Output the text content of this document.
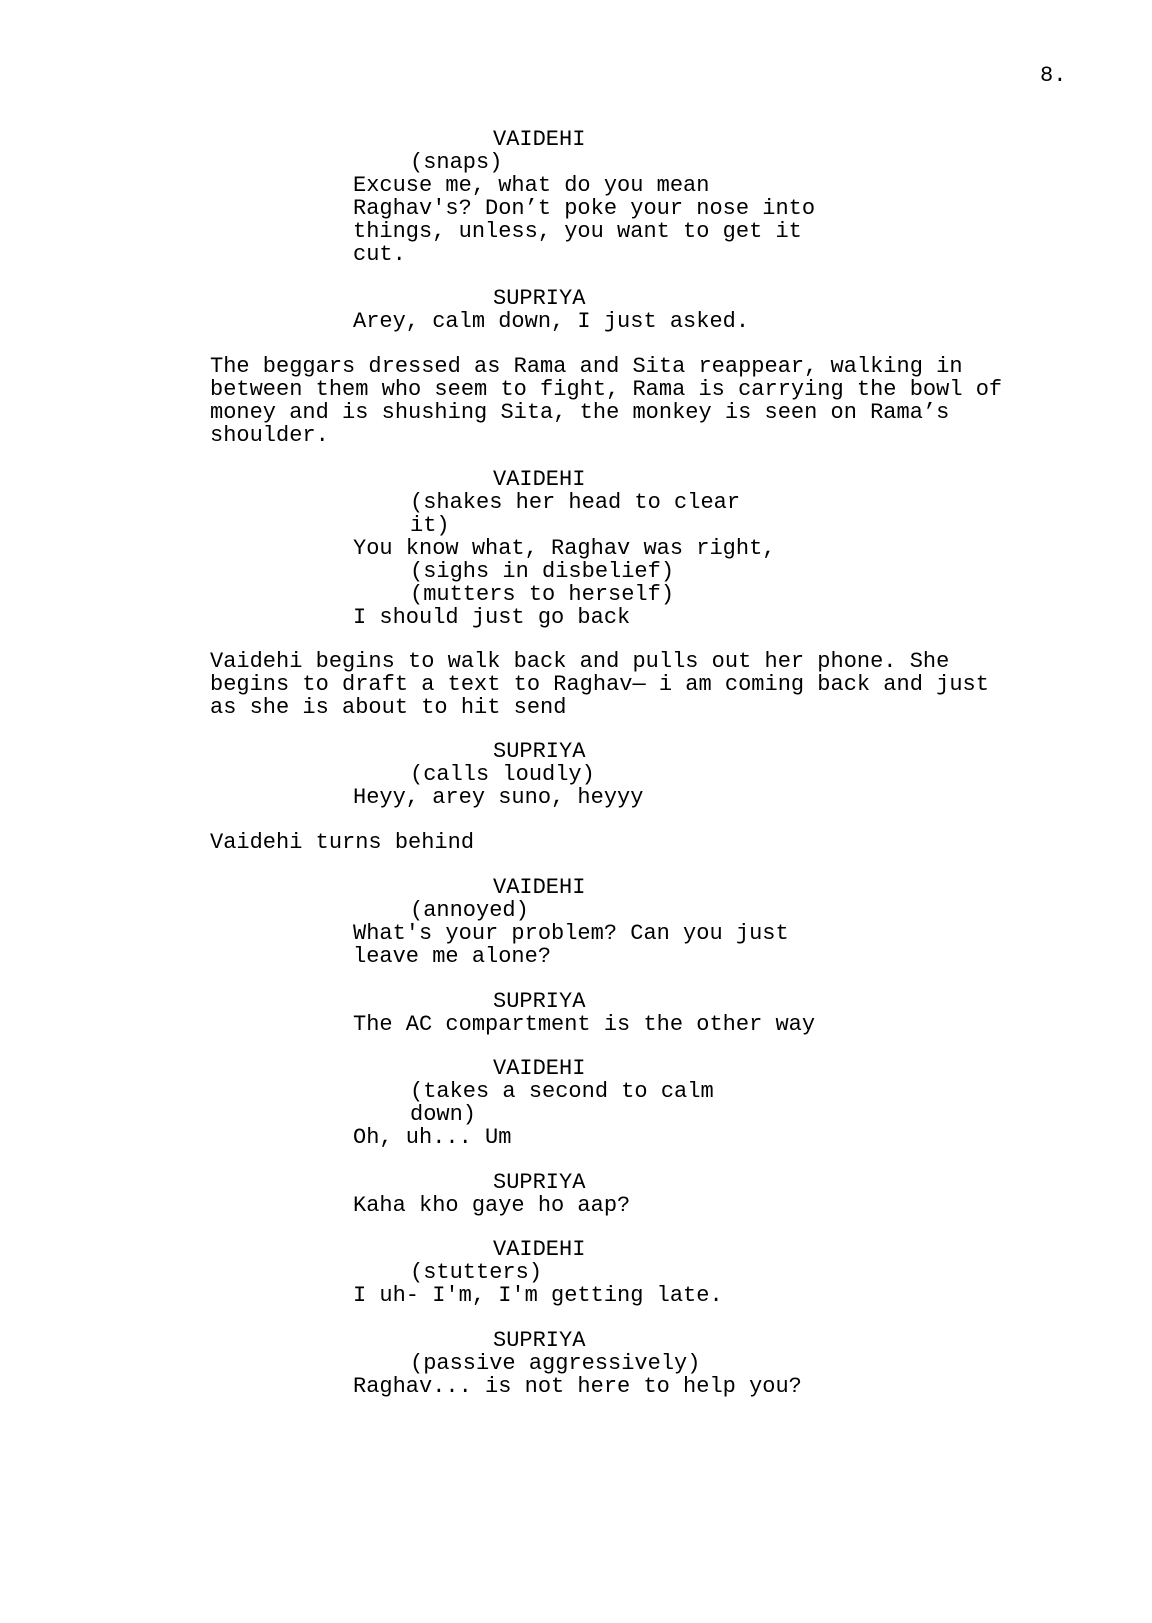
8.
VAIDEHI
(snaps)
Excuse me, what do you mean
Raghav's? Don’t poke your nose into
things, unless, you want to get it
cut.
SUPRIYA
Arey, calm down, I just asked.
The beggars dressed as Rama and Sita reappear, walking in
between them who seem to fight, Rama is carrying the bowl of
money and is shushing Sita, the monkey is seen on Rama’s
shoulder.
VAIDEHI
(shakes her head to clear
it)
You know what, Raghav was right,
(sighs in disbelief)
(mutters to herself)
I should just go back
Vaidehi begins to walk back and pulls out her phone. She
begins to draft a text to Raghav— i am coming back and just
as she is about to hit send
SUPRIYA
(calls loudly)
Heyy, arey suno, heyyy
Vaidehi turns behind
VAIDEHI
(annoyed)
What's your problem? Can you just
leave me alone?
SUPRIYA
The AC compartment is the other way
VAIDEHI
(takes a second to calm
down)
Oh, uh... Um
SUPRIYA
Kaha kho gaye ho aap?
VAIDEHI
(stutters)
I uh- I'm, I'm getting late.
SUPRIYA
(passive aggressively)
Raghav... is not here to help you?
